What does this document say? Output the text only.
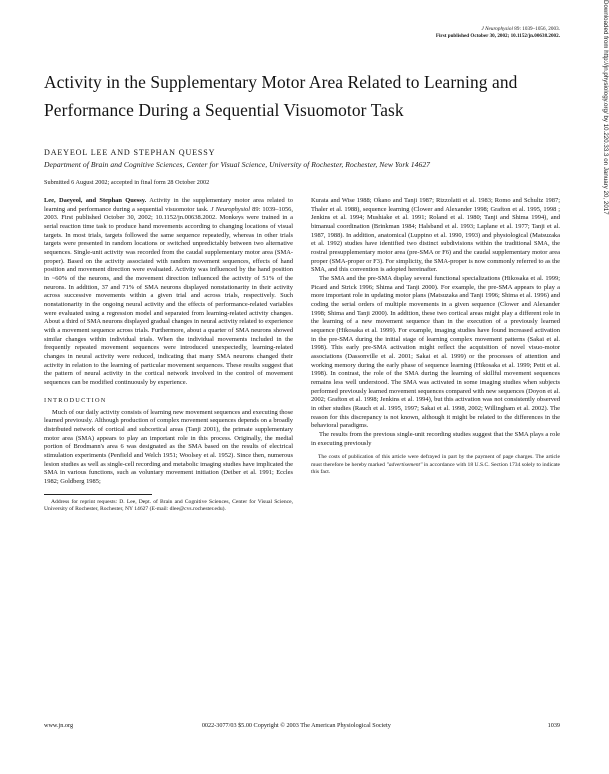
J Neurophysiol 89: 1039–1056, 2003.
First published October 30, 2002; 10.1152/jn.00638.2002.
Activity in the Supplementary Motor Area Related to Learning and Performance During a Sequential Visuomotor Task
DAEYEOL LEE AND STEPHAN QUESSY
Department of Brain and Cognitive Sciences, Center for Visual Science, University of Rochester, Rochester, New York 14627
Submitted 6 August 2002; accepted in final form 28 October 2002

Lee, Daeyeol, and Stephan Quessy. Activity in the supplementary motor area related to learning and performance during a sequential visuomotor task. J Neurophysiol 89: 1039–1056, 2003. First published October 30, 2002; 10.1152/jn.00638.2002. Monkeys were trained in a serial reaction time task to produce hand movements according to changing locations of visual targets. In most trials, targets followed the same sequence repeatedly, whereas in other trials targets were presented in random locations or switched unpredictably between two alternative sequences. Single-unit activity was recorded from the caudal supplementary motor area (SMA-proper). Based on the activity associated with random movement sequences, effects of hand position and movement direction were evaluated. Activity was influenced by the hand position in ~60% of the neurons, and the movement direction influenced the activity of 51% of the neurons. In addition, 37 and 71% of SMA neurons displayed nonstationarity in their activity across successive movements within a given trial and across trials, respectively. Such nonstationarity in the ongoing neural activity and the effects of performance-related variables were evaluated using a regression model and separated from learning-related activity changes. About a third of SMA neurons displayed gradual changes in neural activity related to experience with a movement sequence across trials. Furthermore, about a quarter of SMA neurons showed similar changes within individual trials. When the individual movements included in the frequently repeated movement sequences were introduced unexpectedly, learning-related changes in neural activity were reduced, indicating that many SMA neurons changed their activity in relation to the learning of particular movement sequences. These results suggest that the pattern of neural activity in the cortical network involved in the control of movement sequences can be modified continuously by experience.

INTRODUCTION

Much of our daily activity consists of learning new movement sequences and executing those learned previously. Although production of complex movement sequences depends on a broadly distributed network of cortical and subcortical areas (Tanji 2001), the primate supplementary motor area (SMA) appears to play an important role in this process. Originally, the medial portion of Brodmann's area 6 was designated as the SMA based on the results of electrical stimulation experiments (Penfield and Welch 1951; Woolsey et al. 1952). Since then, numerous lesion studies as well as single-cell recording and metabolic imaging studies have implicated the SMA in various functions, such as voluntary movement initiation (Deiber et al. 1991; Eccles 1982; Goldberg 1985;

Address for reprint requests: D. Lee, Dept. of Brain and Cognitive Sciences, Center for Visual Science, University of Rochester, Rochester, NY 14627 (E-mail: dlee@cvs.rochester.edu).

Kurata and Wise 1988; Okano and Tanji 1987; Rizzolatti et al. 1983; Romo and Schultz 1987; Thaler et al. 1988), sequence learning (Clower and Alexander 1998; Grafton et al. 1995, 1998 ; Jenkins et al. 1994; Mushiake et al. 1991; Roland et al. 1980; Tanji and Shima 1994), and bimanual coordination (Brinkman 1984; Halsband et al. 1993; Laplane et al. 1977; Tanji et al. 1987, 1988). In addition, anatomical (Luppino et al. 1990, 1993) and physiological (Matsuzaka et al. 1992) studies have identified two distinct subdivisions within the traditional SMA, the rostral presupplementary motor area (pre-SMA or F6) and the caudal supplementary motor area proper (SMA-proper or F3). For simplicity, the SMA-proper is now commonly referred to as the SMA, and this convention is adopted hereinafter.

The SMA and the pre-SMA display several functional specializations (Hikosaka et al. 1999; Picard and Strick 1996; Shima and Tanji 2000). For example, the pre-SMA appears to play a more important role in updating motor plans (Matsuzaka and Tanji 1996; Shima et al. 1996) and coding the serial orders of multiple movements in a given sequence (Clower and Alexander 1998; Shima and Tanji 2000). In addition, these two cortical areas might play a different role in the learning of a new movement sequence than in the execution of a previously learned sequence (Hikosaka et al. 1999). For example, imaging studies have found increased activation in the pre-SMA during the initial stage of learning complex movement patterns (Sakai et al. 1998). This early pre-SMA activation might reflect the acquisition of novel visuo-motor associations (Dassonville et al. 2001; Sakai et al. 1999) or the processes of attention and working memory during the early phase of sequence learning (Hikosaka et al. 1999; Petit et al. 1998). In contrast, the role of the SMA during the learning of skillful movement sequences remains less well understood. The SMA was activated in some imaging studies when subjects performed previously learned movement sequences compared with new sequences (Doyon et al. 2002; Grafton et al. 1998; Jenkins et al. 1994), but this activation was not consistently observed in other studies (Rauch et al. 1995, 1997; Sakai et al. 1998, 2002; Willingham et al. 2002). The reason for this discrepancy is not known, although it might be related to the differences in the behavioral paradigms.

The results from the previous single-unit recording studies suggest that the SMA plays a role in executing previously

The costs of publication of this article were defrayed in part by the payment of page charges. The article must therefore be hereby marked "advertisement" in accordance with 18 U.S.C. Section 1734 solely to indicate this fact.

www.jn.org	0022-3077/03 $5.00 Copyright © 2003 The American Physiological Society	1039
Downloaded from http://jn.physiology.org/ by 10.220.33.3 on January 20, 2017
